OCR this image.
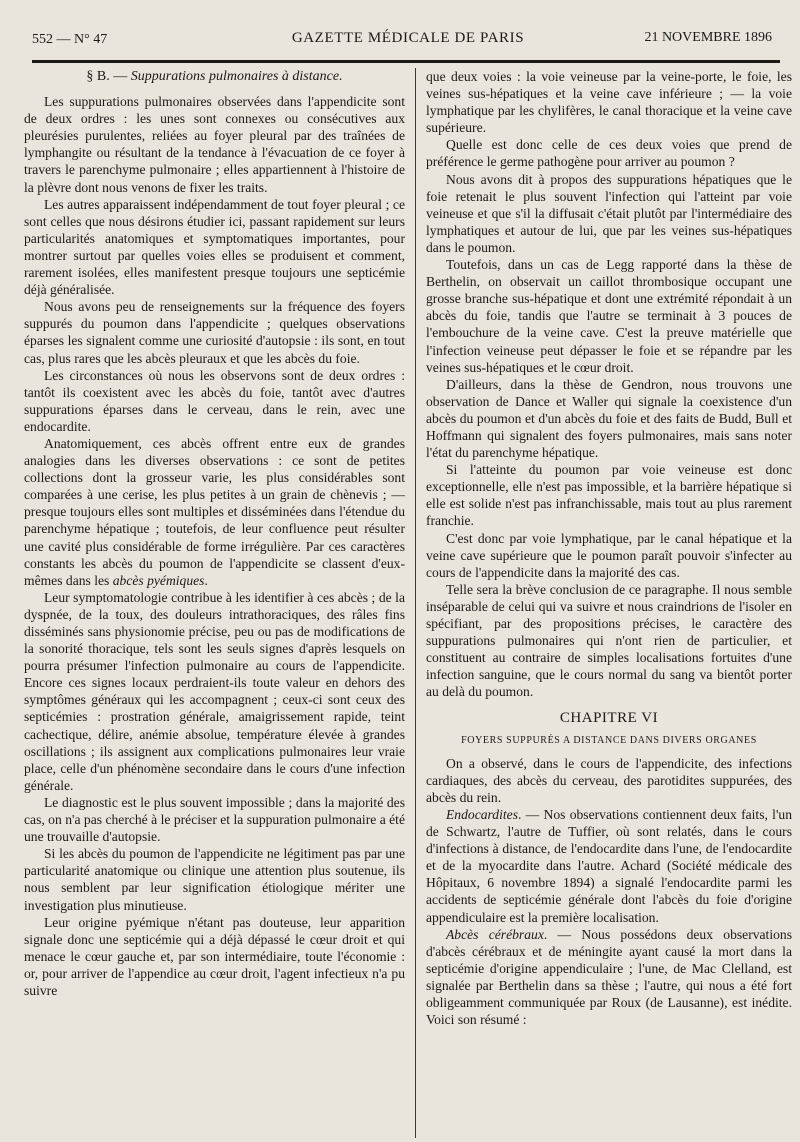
552 — N° 47	GAZETTE MÉDICALE DE PARIS	21 NOVEMBRE 1896
§ B. — Suppurations pulmonaires à distance.

Les suppurations pulmonaires observées dans l'appendicite sont de deux ordres : les unes sont connexes ou consécutives aux pleurésies purulentes, reliées au foyer pleural par des traînées de lymphangite ou résultant de la tendance à l'évacuation de ce foyer à travers le parenchyme pulmonaire ; elles appartiennent à l'histoire de la plèvre dont nous venons de fixer les traits.

Les autres apparaissent indépendamment de tout foyer pleural ; ce sont celles que nous désirons étudier ici, passant rapidement sur leurs particularités anatomiques et symptomatiques importantes, pour montrer surtout par quelles voies elles se produisent et comment, rarement isolées, elles manifestent presque toujours une septicémie déjà généralisée.

Nous avons peu de renseignements sur la fréquence des foyers suppurés du poumon dans l'appendicite ; quelques observations éparses les signalent comme une curiosité d'autopsie : ils sont, en tout cas, plus rares que les abcès pleuraux et que les abcès du foie.

Les circonstances où nous les observons sont de deux ordres : tantôt ils coexistent avec les abcès du foie, tantôt avec d'autres suppurations éparses dans le cerveau, dans le rein, avec une endocardite.

Anatomiquement, ces abcès offrent entre eux de grandes analogies dans les diverses observations : ce sont de petites collections dont la grosseur varie, les plus considérables sont comparées à une cerise, les plus petites à un grain de chènevis ; — presque toujours elles sont multiples et disséminées dans l'étendue du parenchyme hépatique ; toutefois, de leur confluence peut résulter une cavité plus considérable de forme irrégulière. Par ces caractères constants les abcès du poumon de l'appendicite se classent d'eux-mêmes dans les abcès pyémiques.

Leur symptomatologie contribue à les identifier à ces abcès ; de la dyspnée, de la toux, des douleurs intrathoraciques, des râles fins disséminés sans physionomie précise, peu ou pas de modifications de la sonorité thoracique, tels sont les seuls signes d'après lesquels on pourra présumer l'infection pulmonaire au cours de l'appendicite. Encore ces signes locaux perdraient-ils toute valeur en dehors des symptômes généraux qui les accompagnent ; ceux-ci sont ceux des septicémies : prostration générale, amaigrissement rapide, teint cachectique, délire, anémie absolue, température élevée à grandes oscillations ; ils assignent aux complications pulmonaires leur vraie place, celle d'un phénomène secondaire dans le cours d'une infection générale.

Le diagnostic est le plus souvent impossible ; dans la majorité des cas, on n'a pas cherché à le préciser et la suppuration pulmonaire a été une trouvaille d'autopsie.

Si les abcès du poumon de l'appendicite ne légitiment pas par une particularité anatomique ou clinique une attention plus soutenue, ils nous semblent par leur signification étiologique mériter une investigation plus minutieuse.

Leur origine pyémique n'étant pas douteuse, leur apparition signale donc une septicémie qui a déjà dépassé le cœur droit et qui menace le cœur gauche et, par son intermédiaire, toute l'économie : or, pour arriver de l'appendice au cœur droit, l'agent infectieux n'a pu suivre

que deux voies : la voie veineuse par la veine-porte, le foie, les veines sus-hépatiques et la veine cave inférieure ; — la voie lymphatique par les chylifères, le canal thoracique et la veine cave supérieure.

Quelle est donc celle de ces deux voies que prend de préférence le germe pathogène pour arriver au poumon ?

Nous avons dit à propos des suppurations hépatiques que le foie retenait le plus souvent l'infection qui l'atteint par voie veineuse et que s'il la diffusait c'était plutôt par l'intermédiaire des lymphatiques et autour de lui, que par les veines sus-hépatiques dans le poumon.

Toutefois, dans un cas de Legg rapporté dans la thèse de Berthelin, on observait un caillot thrombosique occupant une grosse branche sus-hépatique et dont une extrémité répondait à un abcès du foie, tandis que l'autre se terminait à 3 pouces de l'embouchure de la veine cave. C'est la preuve matérielle que l'infection veineuse peut dépasser le foie et se répandre par les veines sus-hépatiques et le cœur droit.

D'ailleurs, dans la thèse de Gendron, nous trouvons une observation de Dance et Waller qui signale la coexistence d'un abcès du poumon et d'un abcès du foie et des faits de Budd, Bull et Hoffmann qui signalent des foyers pulmonaires, mais sans noter l'état du parenchyme hépatique.

Si l'atteinte du poumon par voie veineuse est donc exceptionnelle, elle n'est pas impossible, et la barrière hépatique si elle est solide n'est pas infranchissable, mais tout au plus rarement franchie.

C'est donc par voie lymphatique, par le canal hépatique et la veine cave supérieure que le poumon paraît pouvoir s'infecter au cours de l'appendicite dans la majorité des cas.

Telle sera la brève conclusion de ce paragraphe. Il nous semble inséparable de celui qui va suivre et nous craindrions de l'isoler en spécifiant, par des propositions précises, le caractère des suppurations pulmonaires qui n'ont rien de particulier, et constituent au contraire de simples localisations fortuites d'une infection sanguine, que le cours normal du sang va bientôt porter au delà du poumon.

CHAPITRE VI
FOYERS SUPPURÉS A DISTANCE DANS DIVERS ORGANES

On a observé, dans le cours de l'appendicite, des infections cardiaques, des abcès du cerveau, des parotidites suppurées, des abcès du rein.

Endocardites. — Nos observations contiennent deux faits, l'un de Schwartz, l'autre de Tuffier, où sont relatés, dans le cours d'infections à distance, de l'endocardite dans l'une, de l'endocardite et de la myocardite dans l'autre. Achard (Société médicale des Hôpitaux, 6 novembre 1894) a signalé l'endocardite parmi les accidents de septicémie générale dont l'abcès du foie d'origine appendiculaire est la première localisation.

Abcès cérébraux. — Nous possédons deux observations d'abcès cérébraux et de méningite ayant causé la mort dans la septicémie d'origine appendiculaire ; l'une, de Mac Clelland, est signalée par Berthelin dans sa thèse ; l'autre, qui nous a été fort obligeamment communiquée par Roux (de Lausanne), est inédite. Voici son résumé :
